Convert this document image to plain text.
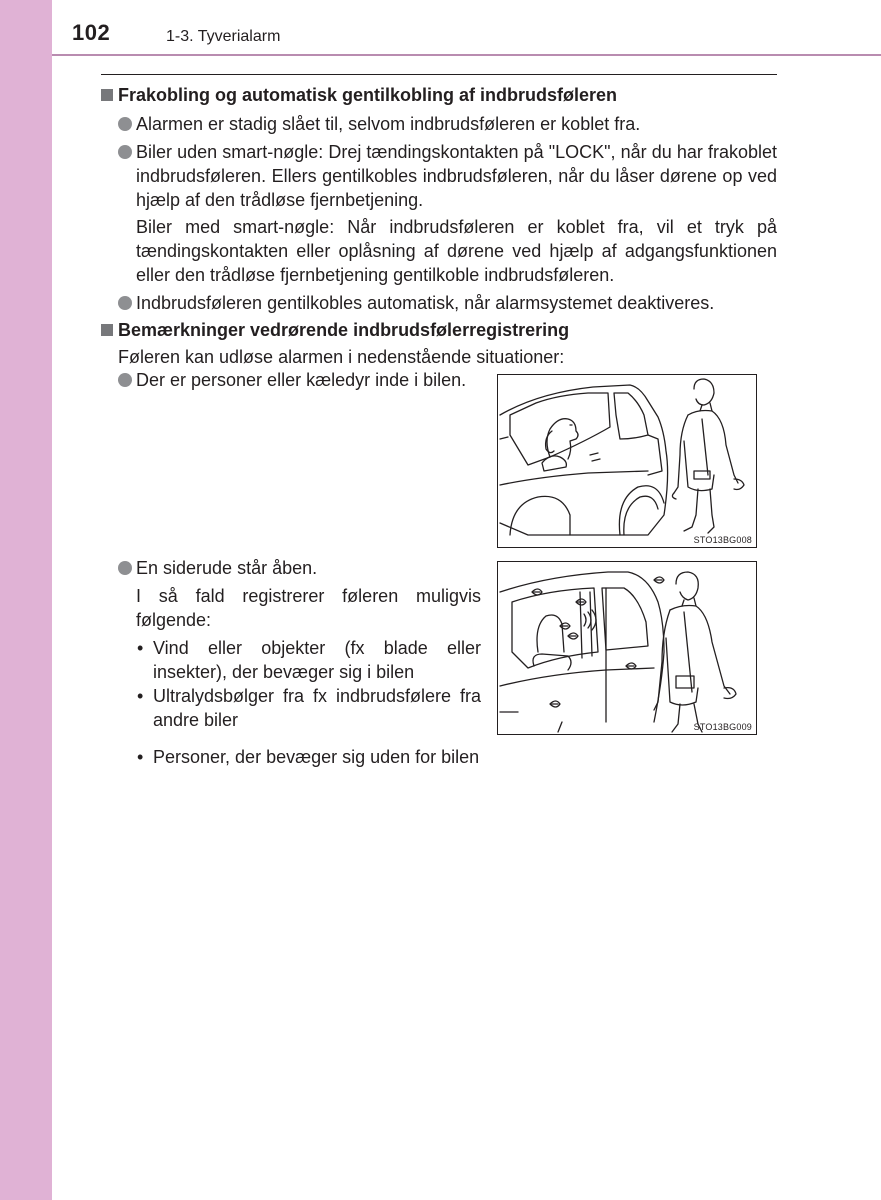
102	1-3. Tyverialarm
Frakobling og automatisk gentilkobling af indbrudsføleren
Alarmen er stadig slået til, selvom indbrudsføleren er koblet fra.
Biler uden smart-nøgle: Drej tændingskontakten på "LOCK", når du har frakoblet indbrudsføleren. Ellers gentilkobles indbrudsføleren, når du låser dørene op ved hjælp af den trådløse fjernbetjening.
Biler med smart-nøgle: Når indbrudsføleren er koblet fra, vil et tryk på tændingskontakten eller oplåsning af dørene ved hjælp af adgangsfunktionen eller den trådløse fjernbetjening gentilkoble indbrudsføleren.
Indbrudsføleren gentilkobles automatisk, når alarmsystemet deaktiveres.
Bemærkninger vedrørende indbrudsfølerregistrering
Føleren kan udløse alarmen i nedenstående situationer:
Der er personer eller kæledyr inde i bilen.
STO13BG008
En siderude står åben.
I så fald registrerer føleren muligvis følgende:
• Vind eller objekter (fx blade eller insekter), der bevæger sig i bilen
• Ultralydsbølger fra fx indbrudsfølere fra andre biler
• Personer, der bevæger sig uden for bilen
STO13BG009
